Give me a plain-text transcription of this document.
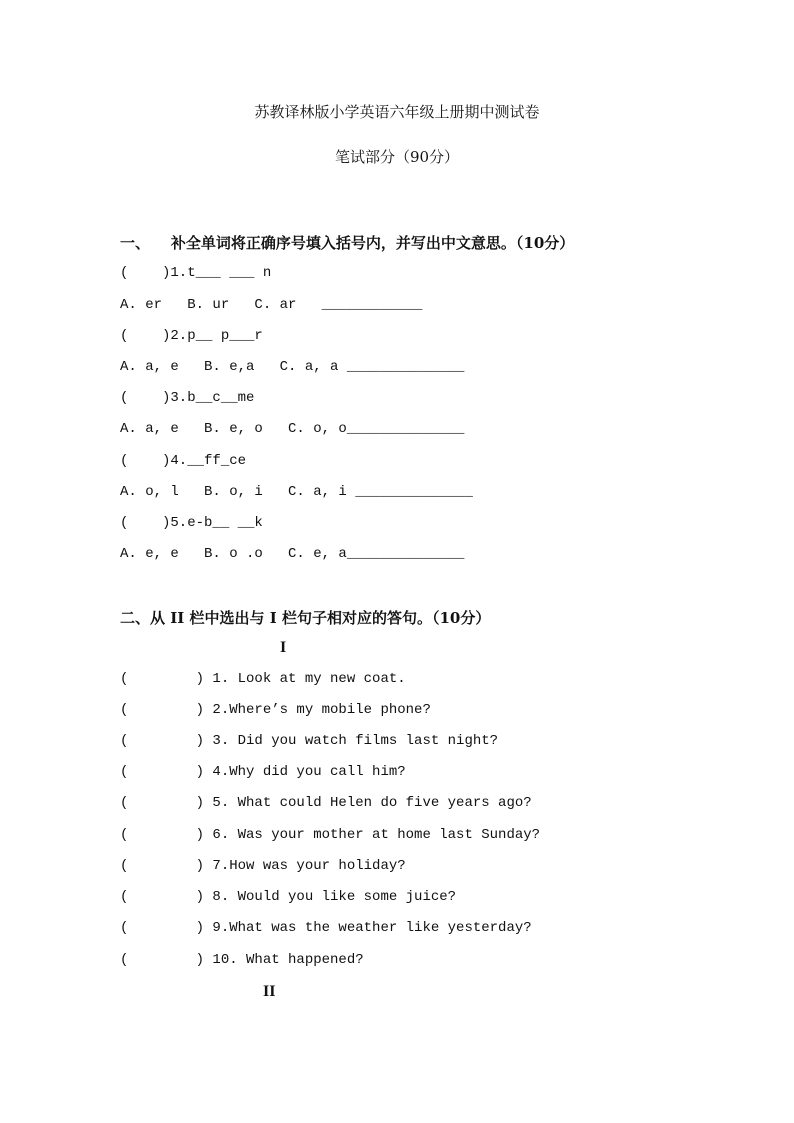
苏教译林版小学英语六年级上册期中测试卷
笔试部分（90分）
一、    补全单词将正确序号填入括号内，并写出中文意思。（10分）
(    )1.t___ ___ n
A. er   B. ur   C. ar   ____________
(    )2.p__ p___r
A. a, e   B. e,a   C. a, a ______________
(    )3.b__c__me
A. a, e   B. e, o   C. o, o______________
(    )4.__ff_ce
A. o, l   B. o, i   C. a, i ______________
(    )5.e-b__ __k
A. e, e   B. o .o   C. e, a______________
二、从 II 栏中选出与 I 栏句子相对应的答句。（10分）
I
(        ) 1. Look at my new coat.
(        ) 2.Where’s my mobile phone?
(        ) 3. Did you watch films last night?
(        ) 4.Why did you call him?
(        ) 5. What could Helen do five years ago?
(        ) 6. Was your mother at home last Sunday?
(        ) 7.How was your holiday?
(        ) 8. Would you like some juice?
(        ) 9.What was the weather like yesterday?
(        ) 10. What happened?
II
